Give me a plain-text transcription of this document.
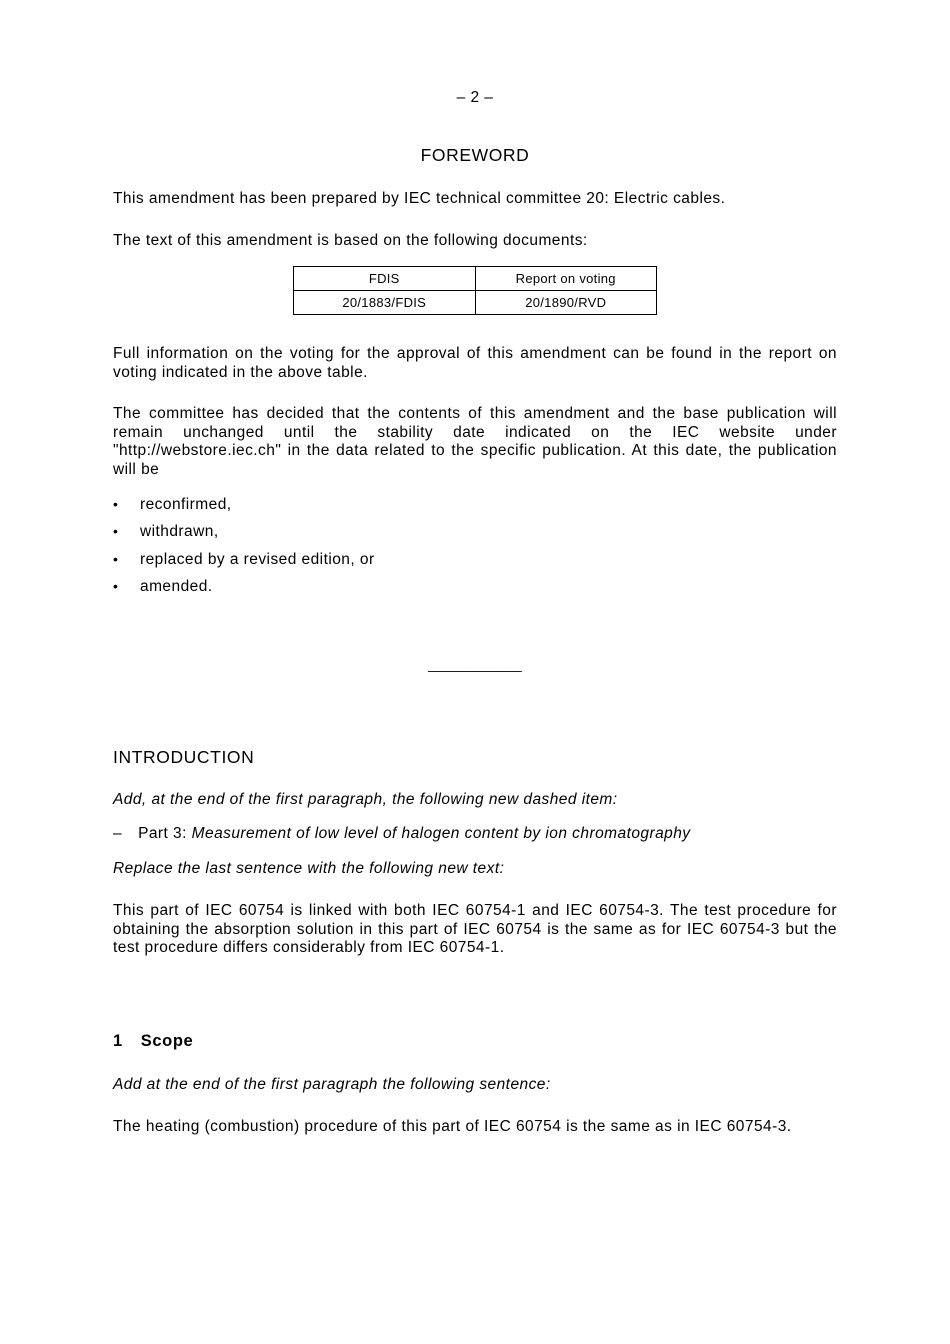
– 2 –
FOREWORD
This amendment has been prepared by IEC technical committee 20: Electric cables.
The text of this amendment is based on the following documents:
FDIS	Report on voting
20/1883/FDIS	20/1890/RVD
Full information on the voting for the approval of this amendment can be found in the report on voting indicated in the above table.
The committee has decided that the contents of this amendment and the base publication will remain unchanged until the stability date indicated on the IEC website under "http://webstore.iec.ch" in the data related to the specific publication. At this date, the publication will be
• reconfirmed,
• withdrawn,
• replaced by a revised edition, or
• amended.
____________
INTRODUCTION
Add, at the end of the first paragraph, the following new dashed item:
– Part 3: Measurement of low level of halogen content by ion chromatography
Replace the last sentence with the following new text:
This part of IEC 60754 is linked with both IEC 60754-1 and IEC 60754-3. The test procedure for obtaining the absorption solution in this part of IEC 60754 is the same as for IEC 60754-3 but the test procedure differs considerably from IEC 60754-1.
1 Scope
Add at the end of the first paragraph the following sentence:
The heating (combustion) procedure of this part of IEC 60754 is the same as in IEC 60754-3.
